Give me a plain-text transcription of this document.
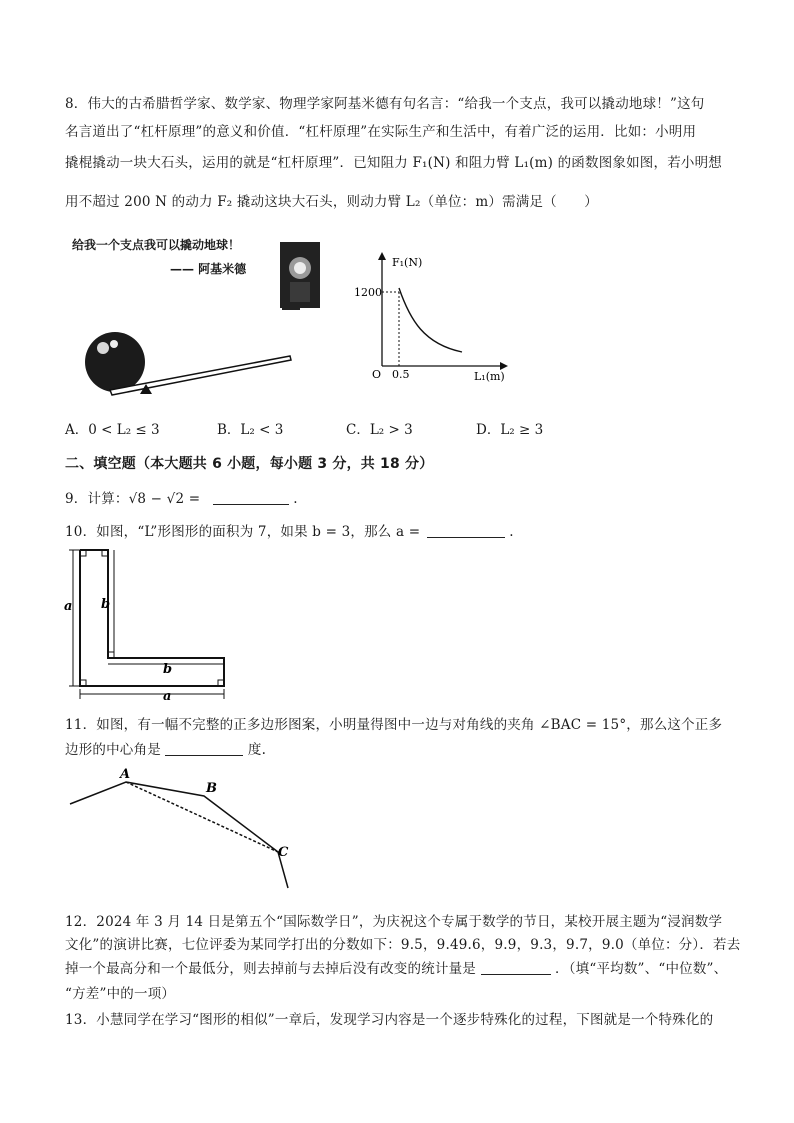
8．伟大的古希腊哲学家、数学家、物理学家阿基米德有句名言：“给我一个支点，我可以撬动地球！”这句
名言道出了“杠杆原理”的意义和价值．“杠杆原理”在实际生产和生活中，有着广泛的运用．比如：小明用
撬棍撬动一块大石头，运用的就是“杠杆原理”．已知阻力 F₁(N) 和阻力臂 L₁(m) 的函数图象如图，若小明想
用不超过 200 N 的动力 F₂ 撬动这块大石头，则动力臂 L₂（单位：m）需满足（　　）
给我一个支点我可以撬动地球！
—— 阿基米德	F₁(N)
1200
O 0.5	L₁(m)
A．0 < L₂ ≤ 3	B．L₂ < 3	C．L₂ > 3	D．L₂ ≥ 3
二、填空题（本大题共 6 小题，每小题 3 分，共 18 分）
9．计算：√8 − √2 =	.
10．如图，“L”形图形的面积为 7，如果 b = 3，那么 a =	.
a b
b
a
11．如图，有一幅不完整的正多边形图案，小明量得图中一边与对角线的夹角 ∠BAC = 15°，那么这个正多
边形的中心角是	度.
A
B
C
12．2024 年 3 月 14 日是第五个“国际数学日”，为庆祝这个专属于数学的节日，某校开展主题为“浸润数学
文化”的演讲比赛，七位评委为某同学打出的分数如下：9.5，9.49.6，9.9，9.3，9.7，9.0（单位：分）．若去
掉一个最高分和一个最低分，则去掉前与去掉后没有改变的统计量是	．（填“平均数”、“中位数”、
“方差”中的一项）
13．小慧同学在学习“图形的相似”一章后，发现学习内容是一个逐步特殊化的过程，下图就是一个特殊化的
